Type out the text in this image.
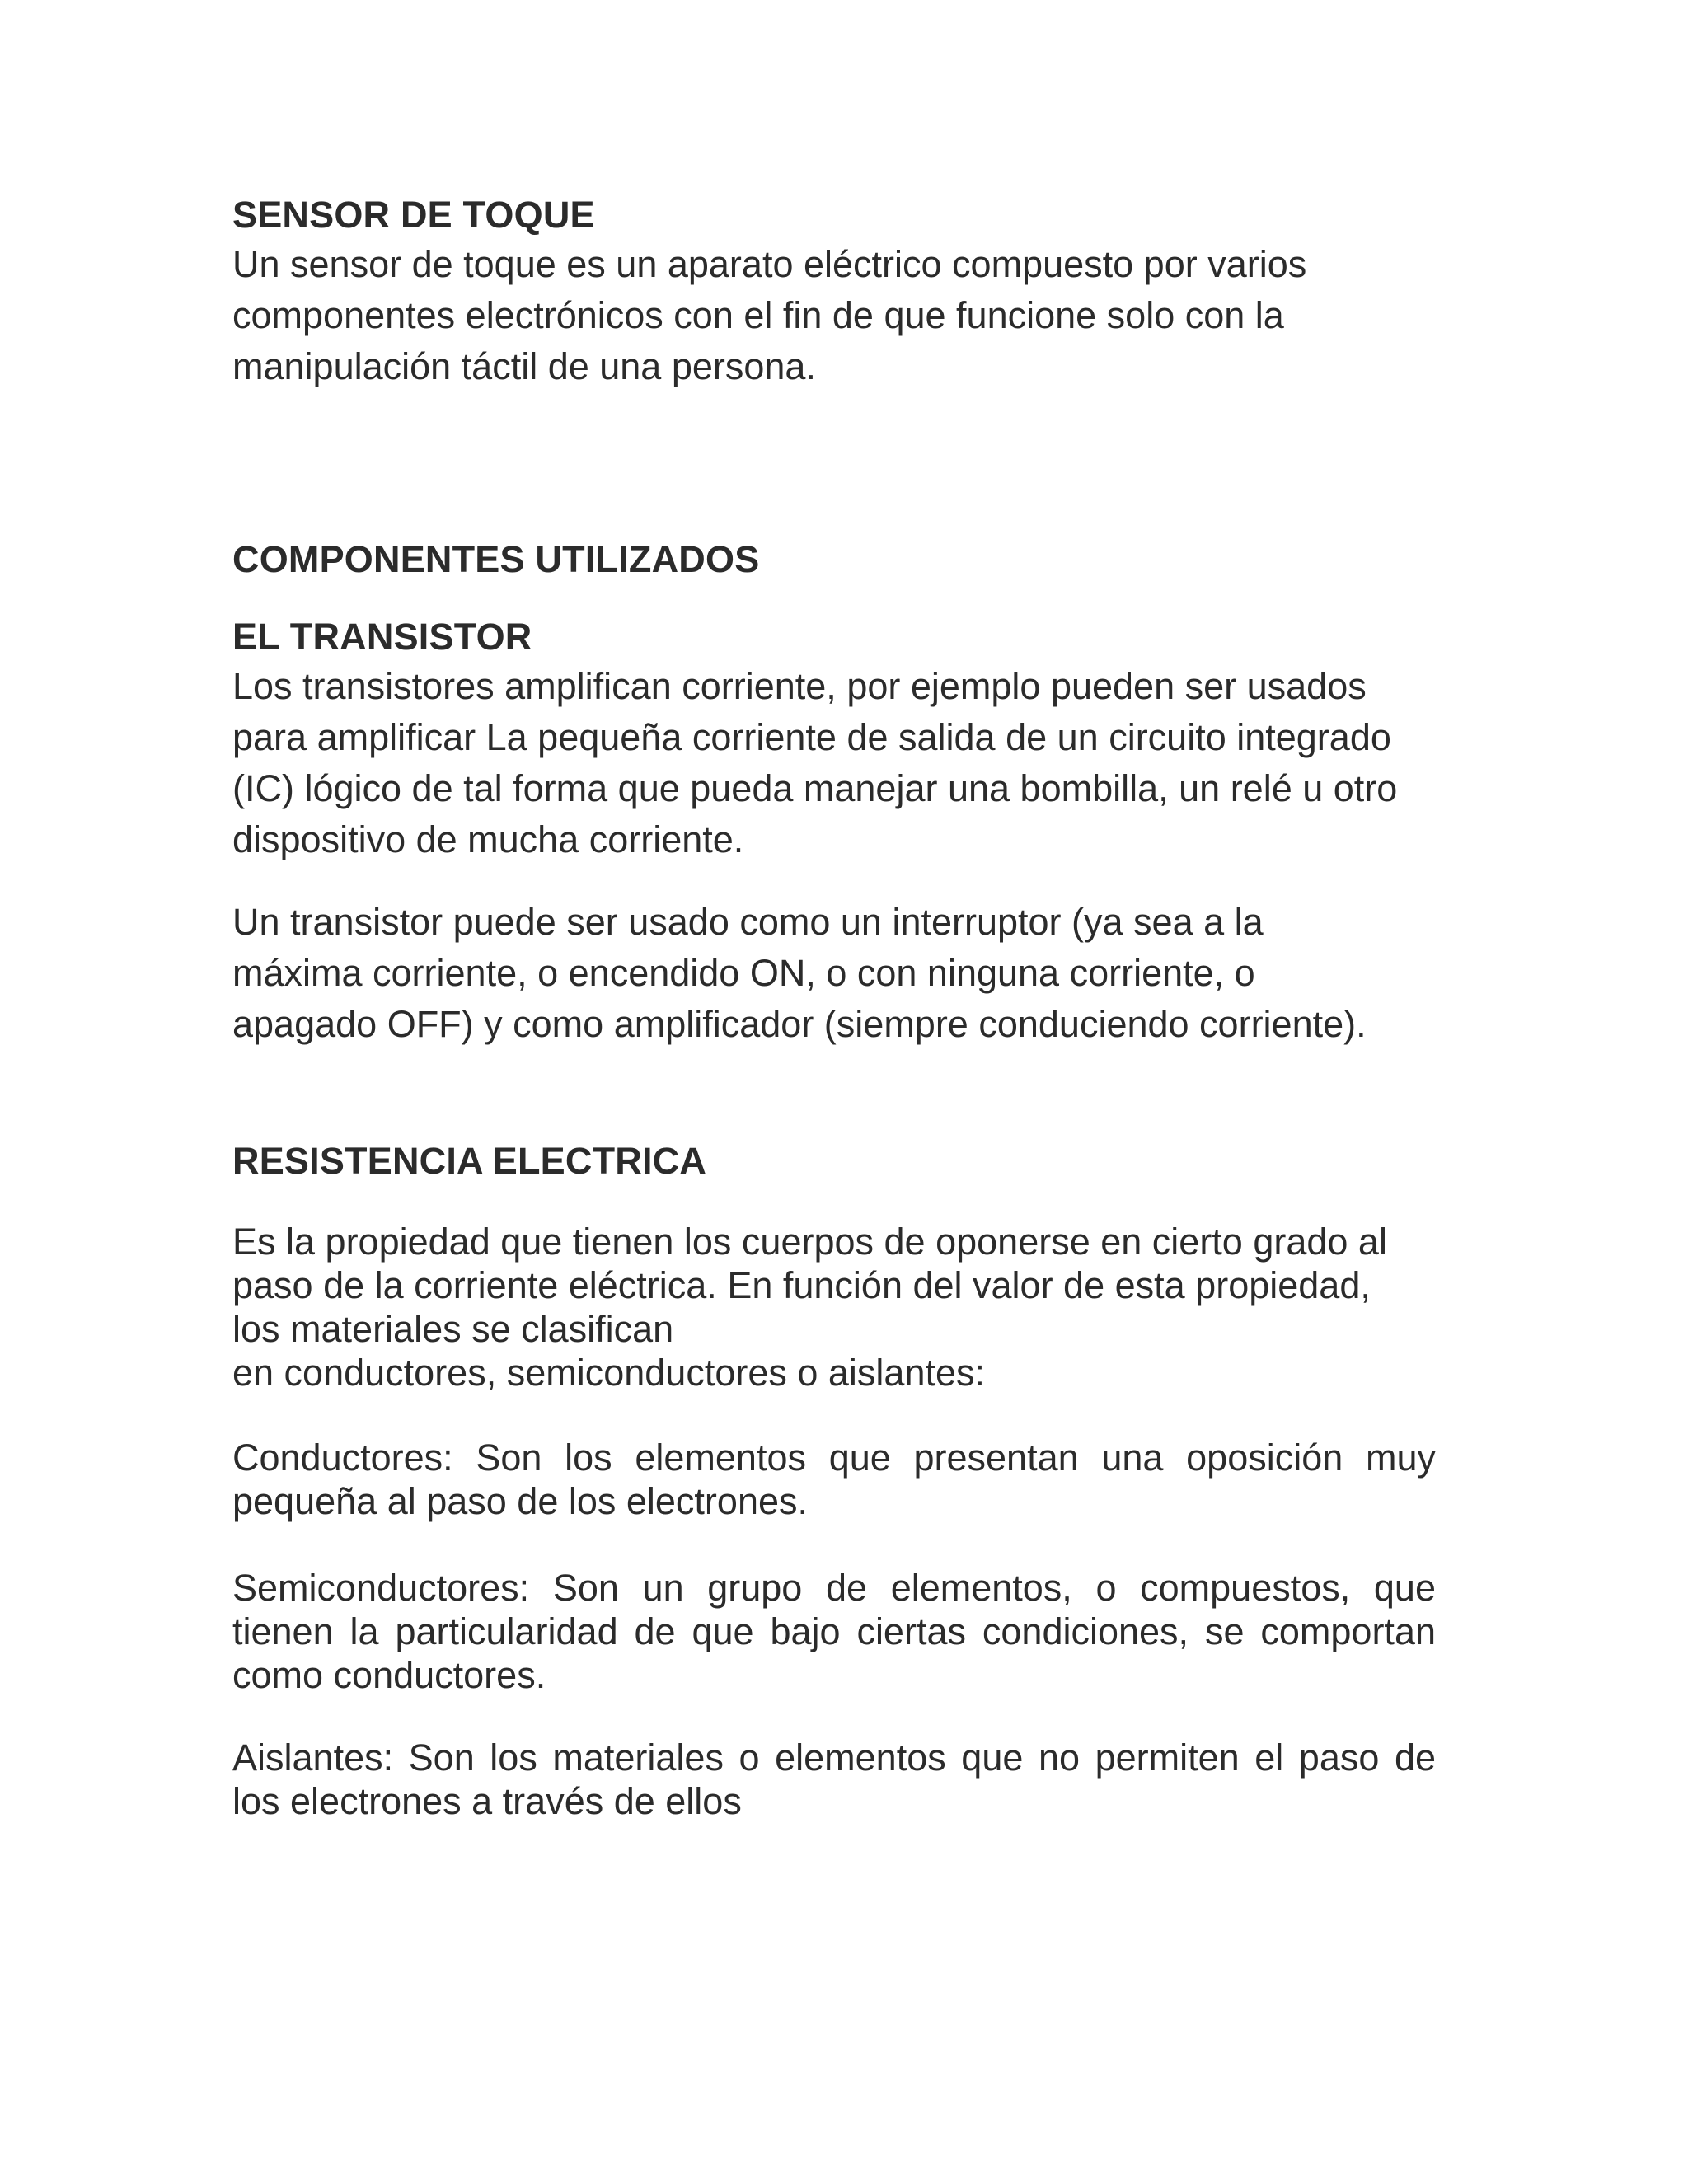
SENSOR DE TOQUE

Un sensor de toque es un aparato eléctrico compuesto por varios
componentes electrónicos con el fin de que funcione solo con la
manipulación táctil de una persona.

COMPONENTES UTILIZADOS
EL TRANSISTOR

Los transistores amplifican corriente, por ejemplo pueden ser usados
para amplificar La pequeña corriente de salida de un circuito integrado
(IC) lógico de tal forma que pueda manejar una bombilla, un relé u otro
dispositivo de mucha corriente.

Un transistor puede ser usado como un interruptor (ya sea a la
máxima corriente, o encendido ON, o con ninguna corriente, o
apagado OFF) y como amplificador (siempre conduciendo corriente).

RESISTENCIA ELECTRICA

Es la propiedad que tienen los cuerpos de oponerse en cierto grado al
paso de la corriente eléctrica. En función del valor de esta propiedad,
los materiales se clasifican
en conductores, semiconductores o aislantes:

Conductores: Son los elementos que presentan una oposición muy pequeña al paso de los electrones.

Semiconductores: Son un grupo de elementos, o compuestos, que tienen la particularidad de que bajo ciertas condiciones, se comportan como conductores.

Aislantes: Son los materiales o elementos que no permiten el paso de los electrones a través de ellos
